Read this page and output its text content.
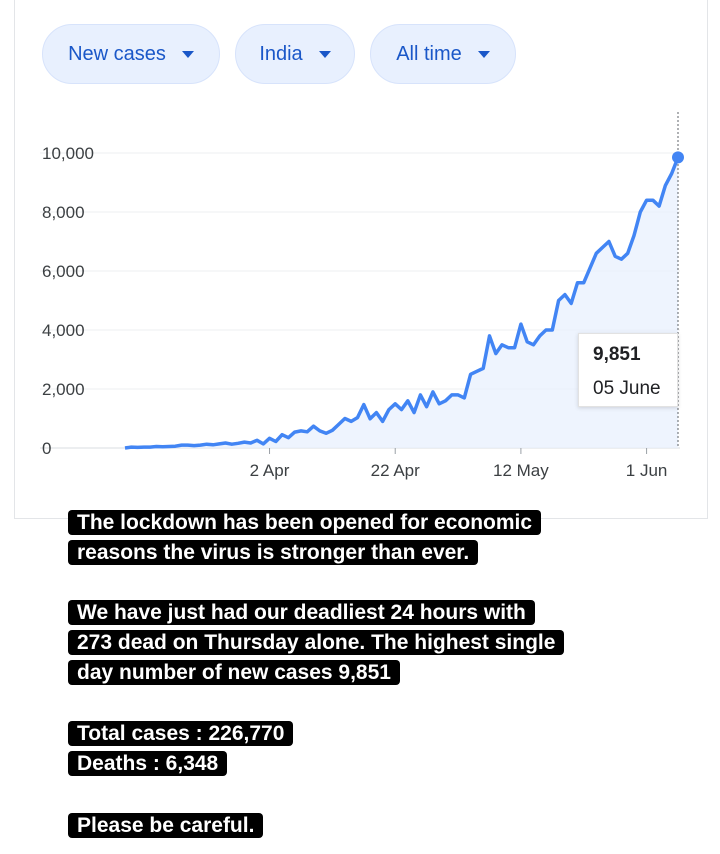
New cases	India	All time
0
2,000
4,000
6,000
8,000
10,000
2 Apr	22 Apr	12 May	1 Jun
9,851
05 June
The lockdown has been opened for economic
reasons the virus is stronger than ever.
We have just had our deadliest 24 hours with
273 dead on Thursday alone. The highest single
day number of new cases 9,851
Total cases : 226,770
Deaths : 6,348
Please be careful.
